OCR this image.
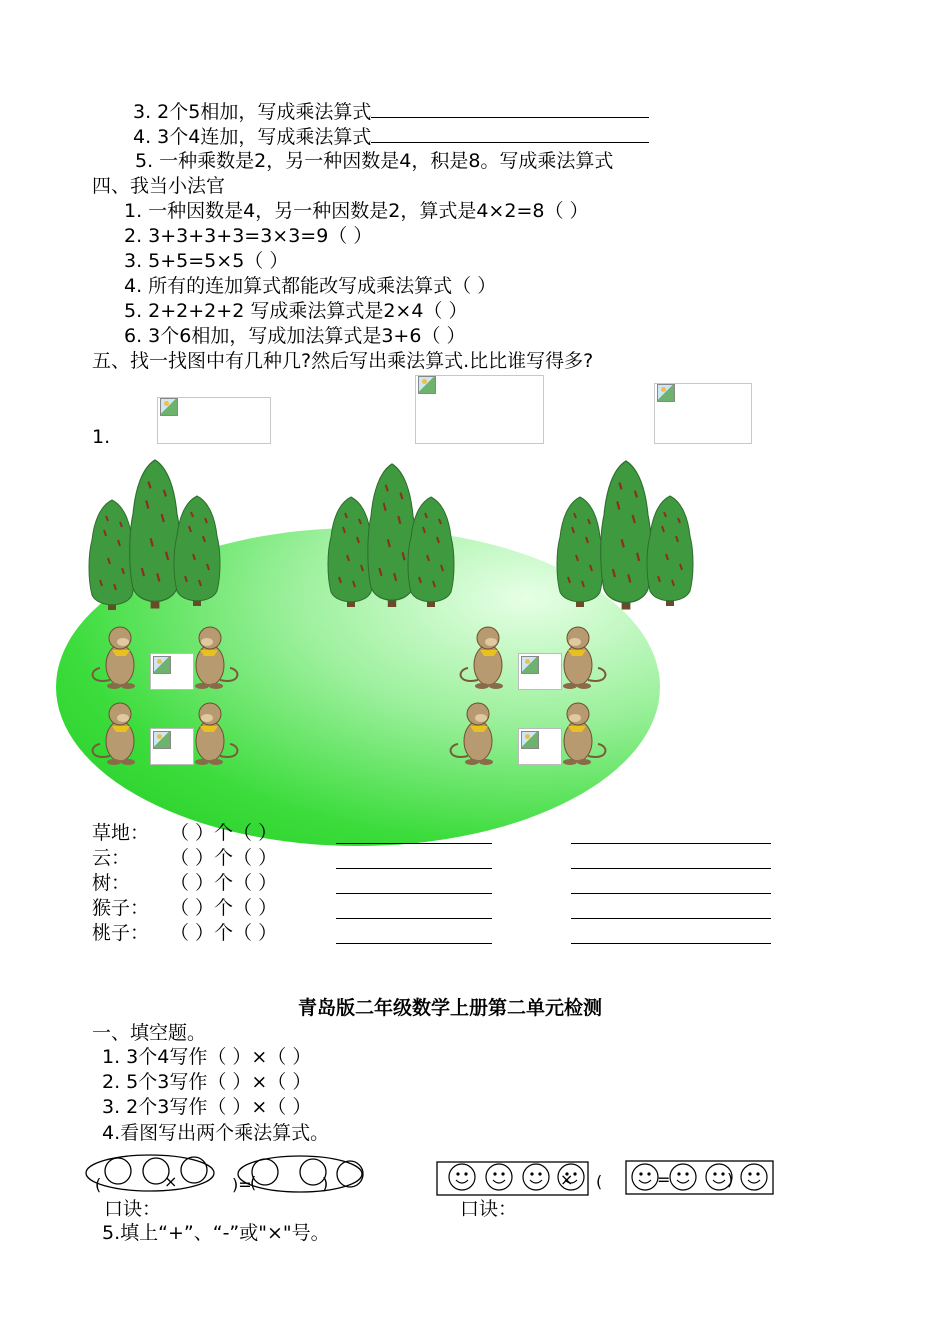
3. 2个5相加，写成乘法算式
4. 3个4连加，写成乘法算式
5. 一种乘数是2，另一种因数是4，积是8。写成乘法算式
四、我当小法官
1. 一种因数是4，另一种因数是2，算式是4×2=8（ ）
2. 3+3+3+3=3×3=9（ ）
3. 5+5=5×5（ ）
4. 所有的连加算式都能改写成乘法算式（ ）
5. 2+2+2+2 写成乘法算式是2×4（ ）
6. 3个6相加，写成加法算式是3+6（ ）
五、找一找图中有几种几?然后写出乘法算式.比比谁写得多?
1.
草地： （ ）个（ ）
云： （ ）个（ ）
树： （ ）个（ ）
猴子： （ ）个（ ）
桃子： （ ）个（ ）
青岛版二年级数学上册第二单元检测
一、填空题。
1. 3个4写作（ ）×（ ）
2. 5个3写作（ ）×（ ）
3. 2个3写作（ ）×（ ）
4.看图写出两个乘法算式。
(	×	)=
(	)	× (	=	)
口诀：	口诀：
5.填上“+”、“-”或"×"号。
